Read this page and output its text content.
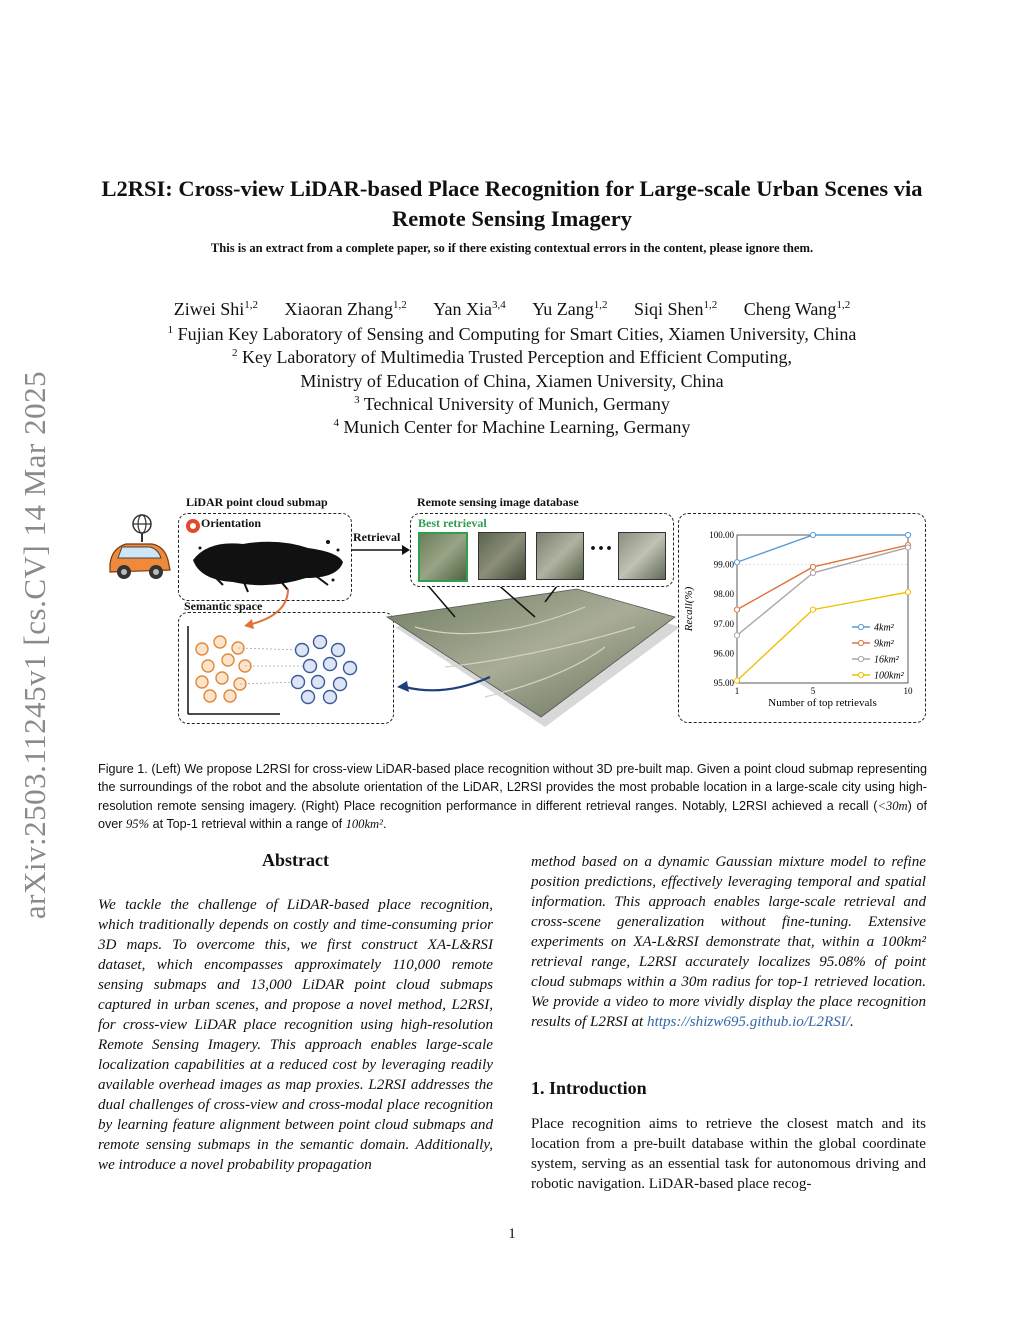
arXiv:2503.11245v1 [cs.CV] 14 Mar 2025
L2RSI: Cross-view LiDAR-based Place Recognition for Large-scale Urban Scenes via Remote Sensing Imagery
This is an extract from a complete paper, so if there existing contextual errors in the content, please ignore them.
Ziwei Shi$^{1,2}$ Xiaoran Zhang$^{1,2}$ Yan Xia$^{3,4}$ Yu Zang$^{1,2}$ Siqi Shen$^{1,2}$ Cheng Wang$^{1,2}$
$^1$ Fujian Key Laboratory of Sensing and Computing for Smart Cities, Xiamen University, China
$^2$ Key Laboratory of Multimedia Trusted Perception and Efficient Computing,
Ministry of Education of China, Xiamen University, China
$^3$ Technical University of Munich, Germany
$^4$ Munich Center for Machine Learning, Germany
LiDAR point cloud submap	Remote sensing image database
Orientation
Retrieval
Best retrieval
···
Semantic space
100.00
99.00
98.00
97.00
96.00
95.00
1	5	10
Number of top retrievals
Recall(%)	4km²
9km²
16km²
100km²
Figure 1. (Left) We propose L2RSI for cross-view LiDAR-based place recognition without 3D pre-built map. Given a point cloud submap representing the surroundings of the robot and the absolute orientation of the LiDAR, L2RSI provides the most probable location in a large-scale city using high-resolution remote sensing imagery. (Right) Place recognition performance in different retrieval ranges. Notably, L2RSI achieved a recall (<30m) of over 95% at Top-1 retrieval within a range of 100km².
Abstract
We tackle the challenge of LiDAR-based place recognition, which traditionally depends on costly and time-consuming prior 3D maps. To overcome this, we first construct XA-L&RSI dataset, which encompasses approximately 110,000 remote sensing submaps and 13,000 LiDAR point cloud submaps captured in urban scenes, and propose a novel method, L2RSI, for cross-view LiDAR place recognition using high-resolution Remote Sensing Imagery. This approach enables large-scale localization capabilities at a reduced cost by leveraging readily available overhead images as map proxies. L2RSI addresses the dual challenges of cross-view and cross-modal place recognition by learning feature alignment between point cloud submaps and remote sensing submaps in the semantic domain. Additionally, we introduce a novel probability propagation
method based on a dynamic Gaussian mixture model to refine position predictions, effectively leveraging temporal and spatial information. This approach enables large-scale retrieval and cross-scene generalization without fine-tuning. Extensive experiments on XA-L&RSI demonstrate that, within a 100km² retrieval range, L2RSI accurately localizes 95.08% of point cloud submaps within a 30m radius for top-1 retrieved location. We provide a video to more vividly display the place recognition results of L2RSI at https://shizw695.github.io/L2RSI/.
1. Introduction
Place recognition aims to retrieve the closest match and its location from a pre-built database within the global coordinate system, serving as an essential task for autonomous driving and robotic navigation. LiDAR-based place recog-
1
